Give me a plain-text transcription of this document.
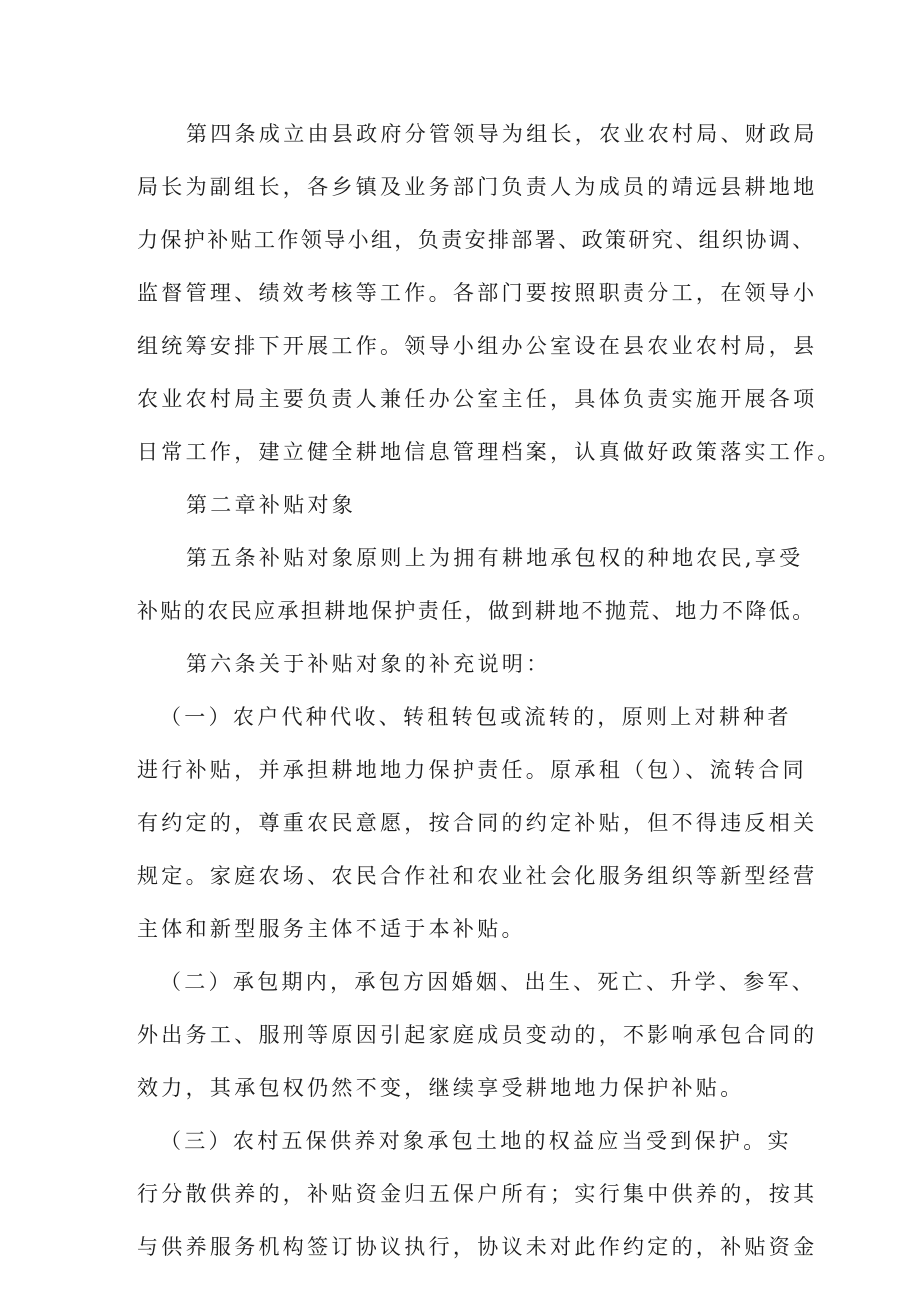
第四条成立由县政府分管领导为组长，农业农村局、财政局
局长为副组长，各乡镇及业务部门负责人为成员的靖远县耕地地
力保护补贴工作领导小组，负责安排部署、政策研究、组织协调、
监督管理、绩效考核等工作。各部门要按照职责分工，在领导小
组统筹安排下开展工作。领导小组办公室设在县农业农村局，县
农业农村局主要负责人兼任办公室主任，具体负责实施开展各项
日常工作，建立健全耕地信息管理档案，认真做好政策落实工作。
第二章补贴对象
第五条补贴对象原则上为拥有耕地承包权的种地农民,享受
补贴的农民应承担耕地保护责任，做到耕地不抛荒、地力不降低。
第六条关于补贴对象的补充说明：
（一）农户代种代收、转租转包或流转的，原则上对耕种者
进行补贴，并承担耕地地力保护责任。原承租（包）、流转合同
有约定的，尊重农民意愿，按合同的约定补贴，但不得违反相关
规定。家庭农场、农民合作社和农业社会化服务组织等新型经营
主体和新型服务主体不适于本补贴。
（二）承包期内，承包方因婚姻、出生、死亡、升学、参军、
外出务工、服刑等原因引起家庭成员变动的，不影响承包合同的
效力，其承包权仍然不变，继续享受耕地地力保护补贴。
（三）农村五保供养对象承包土地的权益应当受到保护。实
行分散供养的，补贴资金归五保户所有；实行集中供养的，按其
与供养服务机构签订协议执行，协议未对此作约定的，补贴资金
